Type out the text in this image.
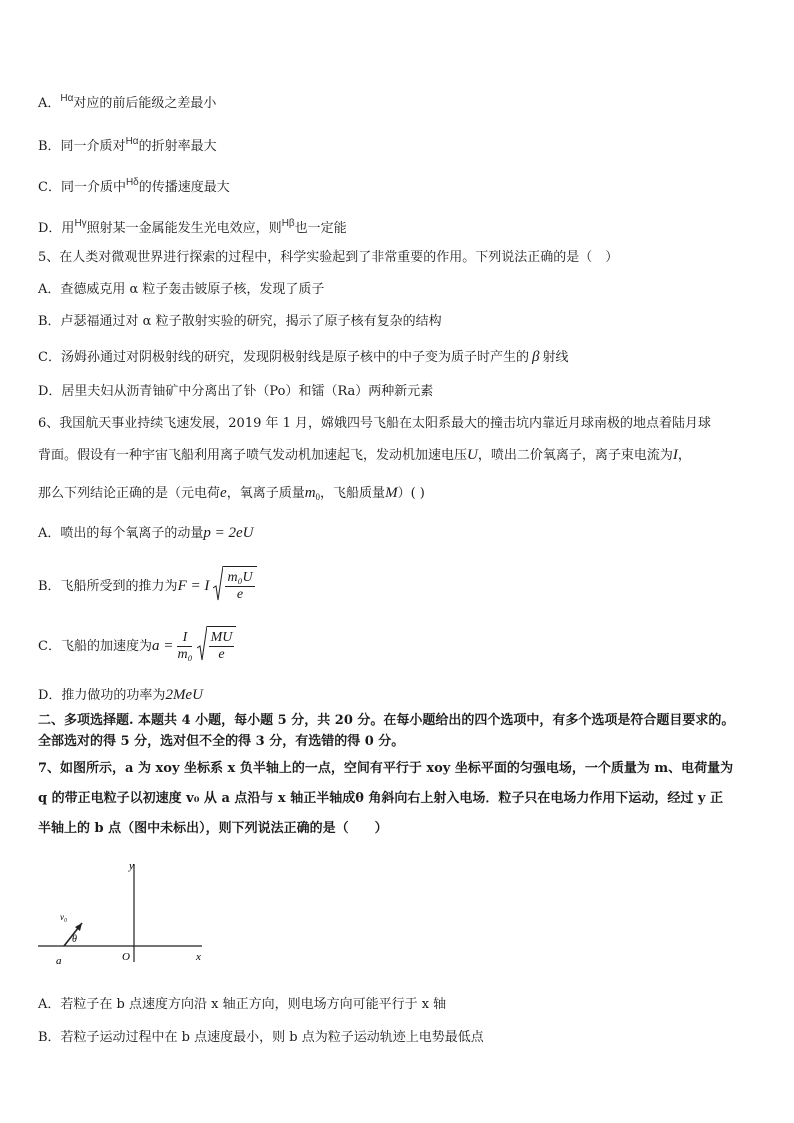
A．$^{H\alpha}$对应的前后能级之差最小
B．同一介质对$^{H\alpha}$的折射率最大
C．同一介质中$^{H\delta}$的传播速度最大
D．用$^{H\gamma}$照射某一金属能发生光电效应，则$^{H\beta}$也一定能
5、在人类对微观世界进行探索的过程中，科学实验起到了非常重要的作用。下列说法正确的是（　）
A．查德威克用 α 粒子轰击铍原子核，发现了质子
B．卢瑟福通过对 α 粒子散射实验的研究，揭示了原子核有复杂的结构
C．汤姆孙通过对阴极射线的研究，发现阴极射线是原子核中的中子变为质子时产生的 β 射线
D．居里夫妇从沥青铀矿中分离出了钋（Po）和镭（Ra）两种新元素
6、我国航天事业持续飞速发展，2019 年 1 月，嫦娥四号飞船在太阳系最大的撞击坑内靠近月球南极的地点着陆月球
背面。假设有一种宇宙飞船利用离子喷气发动机加速起飞，发动机加速电压U，喷出二价氧离子，离子束电流为I，
那么下列结论正确的是（元电荷e，氧离子质量$m_0$，飞船质量M）( )
A．喷出的每个氧离子的动量p = 2eU
B．飞船所受到的推力为F = I $\frac{\text{m₀U}}{e}$
C．飞船的加速度为$a = \frac{I}{\text{m₀}}$
$\frac{MU}{e}$
D．推力做功的功率为2MeU
二、多项选择题. 本题共 4 小题，每小题 5 分，共 20 分。在每小题给出的四个选项中，有多个选项是符合题目要求的。
全部选对的得 5 分，选对但不全的得 3 分，有选错的得 0 分。
7、如图所示，a 为 xoy 坐标系 x 负半轴上的一点，空间有平行于 xoy 坐标平面的匀强电场，一个质量为 m、电荷量为
q 的带正电粒子以初速度 v₀ 从 a 点沿与 x 轴正半轴成θ 角斜向右上射入电场．粒子只在电场力作用下运动，经过 y 正
半轴上的 b 点（图中未标出），则下列说法正确的是（　　）
y
x
O
a
v₀
θ
A．若粒子在 b 点速度方向沿 x 轴正方向，则电场方向可能平行于 x 轴
B．若粒子运动过程中在 b 点速度最小，则 b 点为粒子运动轨迹上电势最低点
